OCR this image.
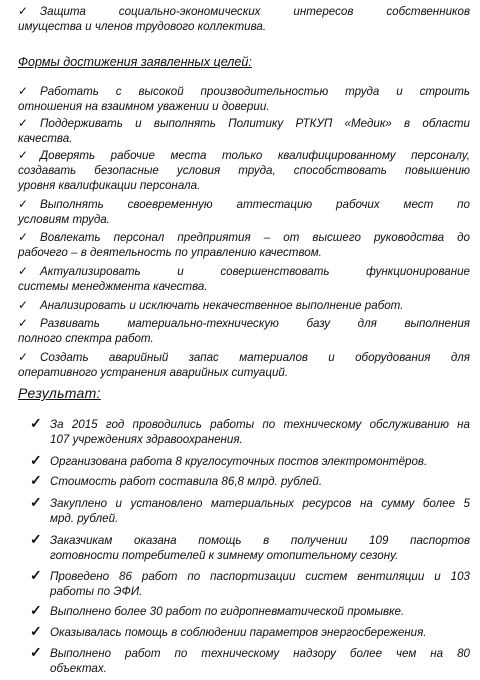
✓ Защита социально-экономических интересов собственников
имущества и членов трудового коллектива.
Формы достижения заявленных целей:
✓ Работать с высокой производительностью труда и строить
отношения на взаимном уважении и доверии.
✓ Поддерживать и выполнять Политику РТКУП «Медик» в области
качества.
✓ Доверять рабочие места только квалифицированному персоналу,
создавать безопасные условия труда, способствовать повышению
уровня квалификации персонала.
✓ Выполнять своевременную аттестацию рабочих мест по
условиям труда.
✓ Вовлекать персонал предприятия – от высшего руководства до
рабочего – в деятельность по управлению качеством.
✓ Актуализировать и совершенствовать функционирование
системы менеджмента качества.
✓ Анализировать и исключать некачественное выполнение работ.
✓ Развивать материально-техническую базу для выполнения
полного спектра работ.
✓ Создать аварийный запас материалов и оборудования для
оперативного устранения аварийных ситуаций.
Результат:
✓ За 2015 год проводились работы по техническому обслуживанию на
107 учреждениях здравоохранения.
✓ Организована работа 8 круглосуточных постов электромонтёров.
✓ Стоимость работ составила 86,8 млрд. рублей.
✓ Закуплено и установлено материальных ресурсов на сумму более 5
мрд. рублей.
✓ Заказчикам оказана помощь в получении 109 паспортов
готовности потребителей к зимнему отопительному сезону.
✓ Проведено 86 работ по паспортизации систем вентиляции и 103
работы по ЭФИ.
✓ Выполнено более 30 работ по гидропневматической промывке.
✓ Оказывалась помощь в соблюдении параметров энергосбережения.
✓ Выполнено работ по техническому надзору более чем на 80
объектах.
